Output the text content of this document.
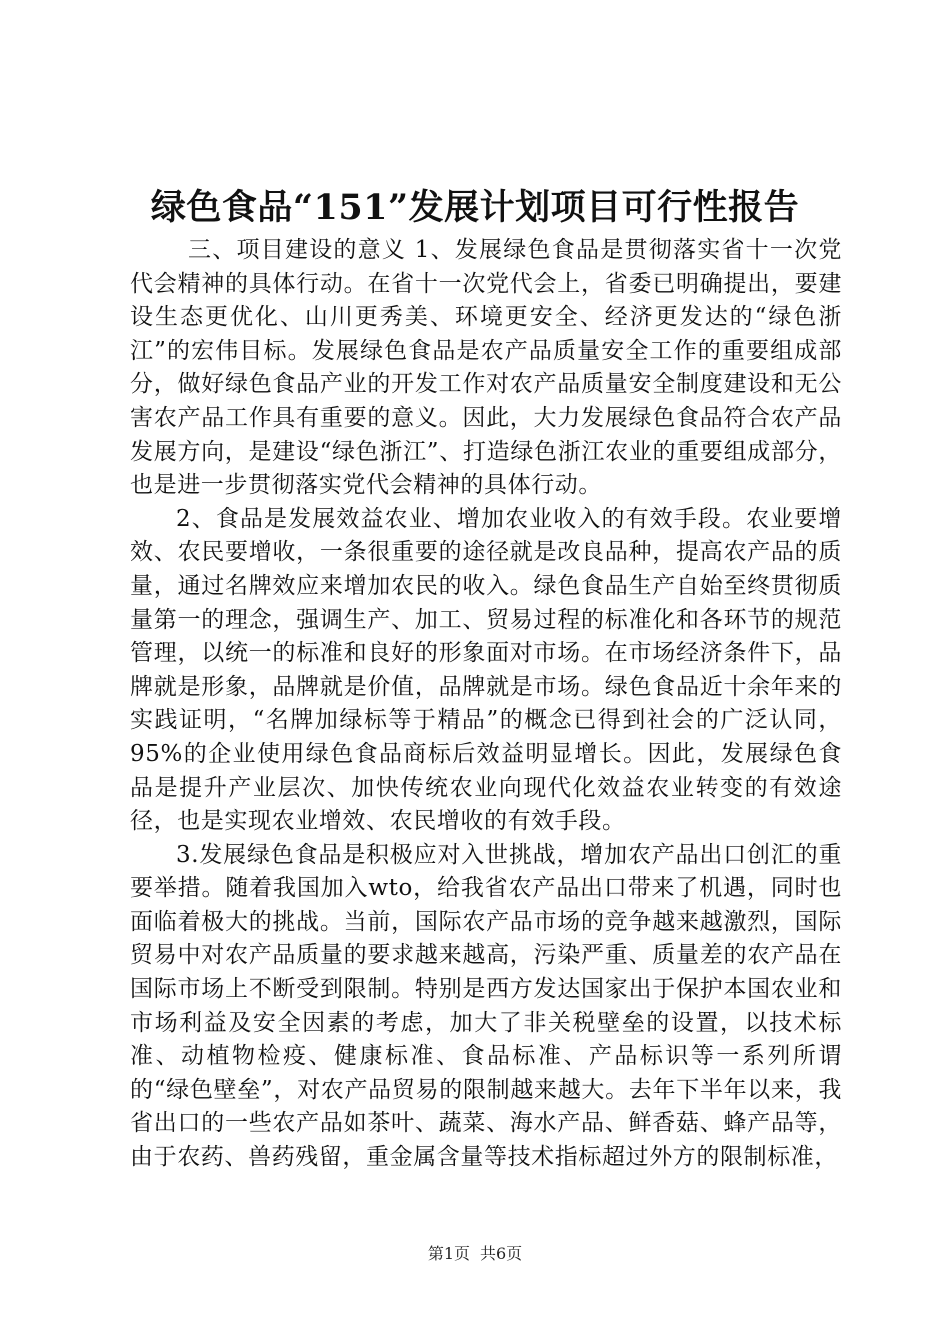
绿色食品“151”发展计划项目可行性报告

三、项目建设的意义 1、发展绿色食品是贯彻落实省十一次党代会精神的具体行动。在省十一次党代会上，省委已明确提出，要建设生态更优化、山川更秀美、环境更安全、经济更发达的“绿色浙江”的宏伟目标。发展绿色食品是农产品质量安全工作的重要组成部分，做好绿色食品产业的开发工作对农产品质量安全制度建设和无公害农产品工作具有重要的意义。因此，大力发展绿色食品符合农产品发展方向，是建设“绿色浙江”、打造绿色浙江农业的重要组成部分，也是进一步贯彻落实党代会精神的具体行动。

2、食品是发展效益农业、增加农业收入的有效手段。农业要增效、农民要增收，一条很重要的途径就是改良品种，提高农产品的质量，通过名牌效应来增加农民的收入。绿色食品生产自始至终贯彻质量第一的理念，强调生产、加工、贸易过程的标准化和各环节的规范管理，以统一的标准和良好的形象面对市场。在市场经济条件下，品牌就是形象，品牌就是价值，品牌就是市场。绿色食品近十余年来的实践证明，“名牌加绿标等于精品”的概念已得到社会的广泛认同，95%的企业使用绿色食品商标后效益明显增长。因此，发展绿色食品是提升产业层次、加快传统农业向现代化效益农业转变的有效途径，也是实现农业增效、农民增收的有效手段。

3.发展绿色食品是积极应对入世挑战，增加农产品出口创汇的重要举措。随着我国加入wto，给我省农产品出口带来了机遇，同时也面临着极大的挑战。当前，国际农产品市场的竞争越来越激烈，国际贸易中对农产品质量的要求越来越高，污染严重、质量差的农产品在国际市场上不断受到限制。特别是西方发达国家出于保护本国农业和市场利益及安全因素的考虑，加大了非关税壁垒的设置，以技术标准、动植物检疫、健康标准、食品标准、产品标识等一系列所谓的“绿色壁垒”，对农产品贸易的限制越来越大。去年下半年以来，我省出口的一些农产品如茶叶、蔬菜、海水产品、鲜香菇、蜂产品等，由于农药、兽药残留，重金属含量等技术指标超过外方的限制标准，

第1页 共6页
